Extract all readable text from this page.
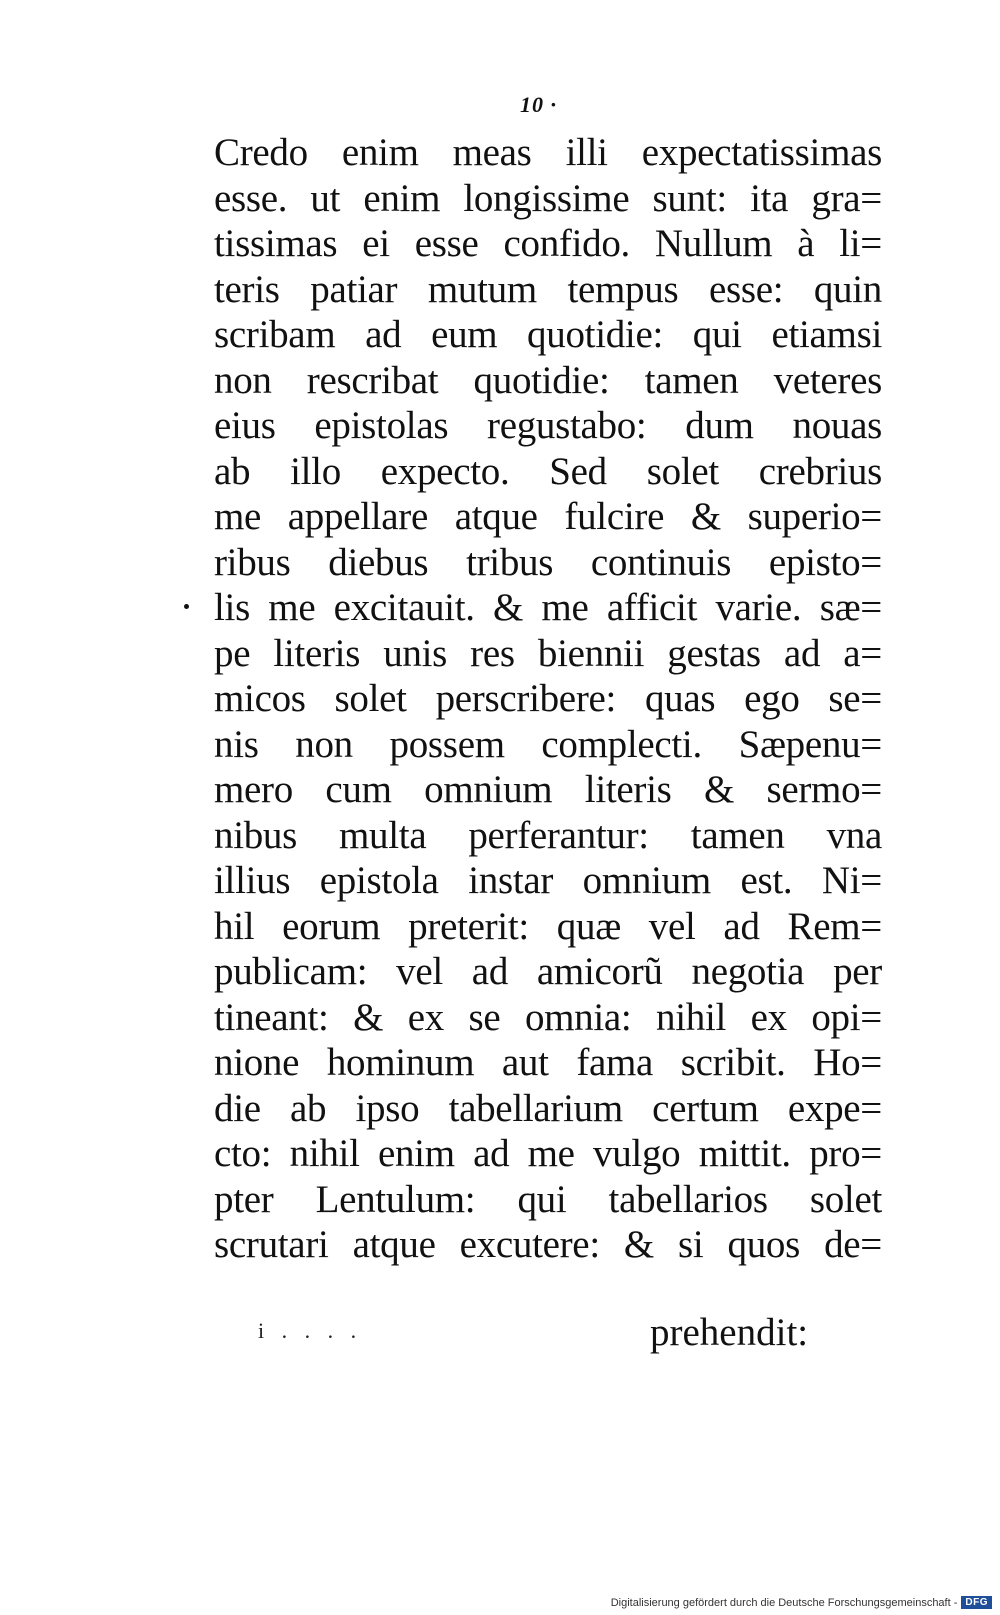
10 ·
Credo enim meas illi expectatissimas
esse. ut enim longissime sunt: ita gra=
tissimas ei esse confido. Nullum à li=
teris patiar mutum tempus esse: quin
scribam ad eum quotidie: qui etiamsi
non rescribat quotidie: tamen veteres
eius epistolas regustabo: dum nouas
ab illo expecto. Sed solet crebrius
me appellare atque fulcire & superio=
ribus diebus tribus continuis episto=
lis me excitauit. & me afficit varie. sæ=
pe literis unis res biennii gestas ad a=
micos solet perscribere: quas ego se=
nis non possem complecti. Sæpenu=
mero cum omnium literis & sermo=
nibus multa perferantur: tamen vna
illius epistola instar omnium est. Ni=
hil eorum preterit: quæ vel ad Rem=
publicam: vel ad amicorũ negotia per
tineant: & ex se omnia: nihil ex opi=
nione hominum aut fama scribit. Ho=
die ab ipso tabellarium certum expe=
cto: nihil enim ad me vulgo mittit. pro=
pter Lentulum: qui tabellarios solet
scrutari atque excutere: & si quos de=
i . . . .	prehendit:
Digitalisierung gefördert durch die Deutsche Forschungsgemeinschaft - DFG
